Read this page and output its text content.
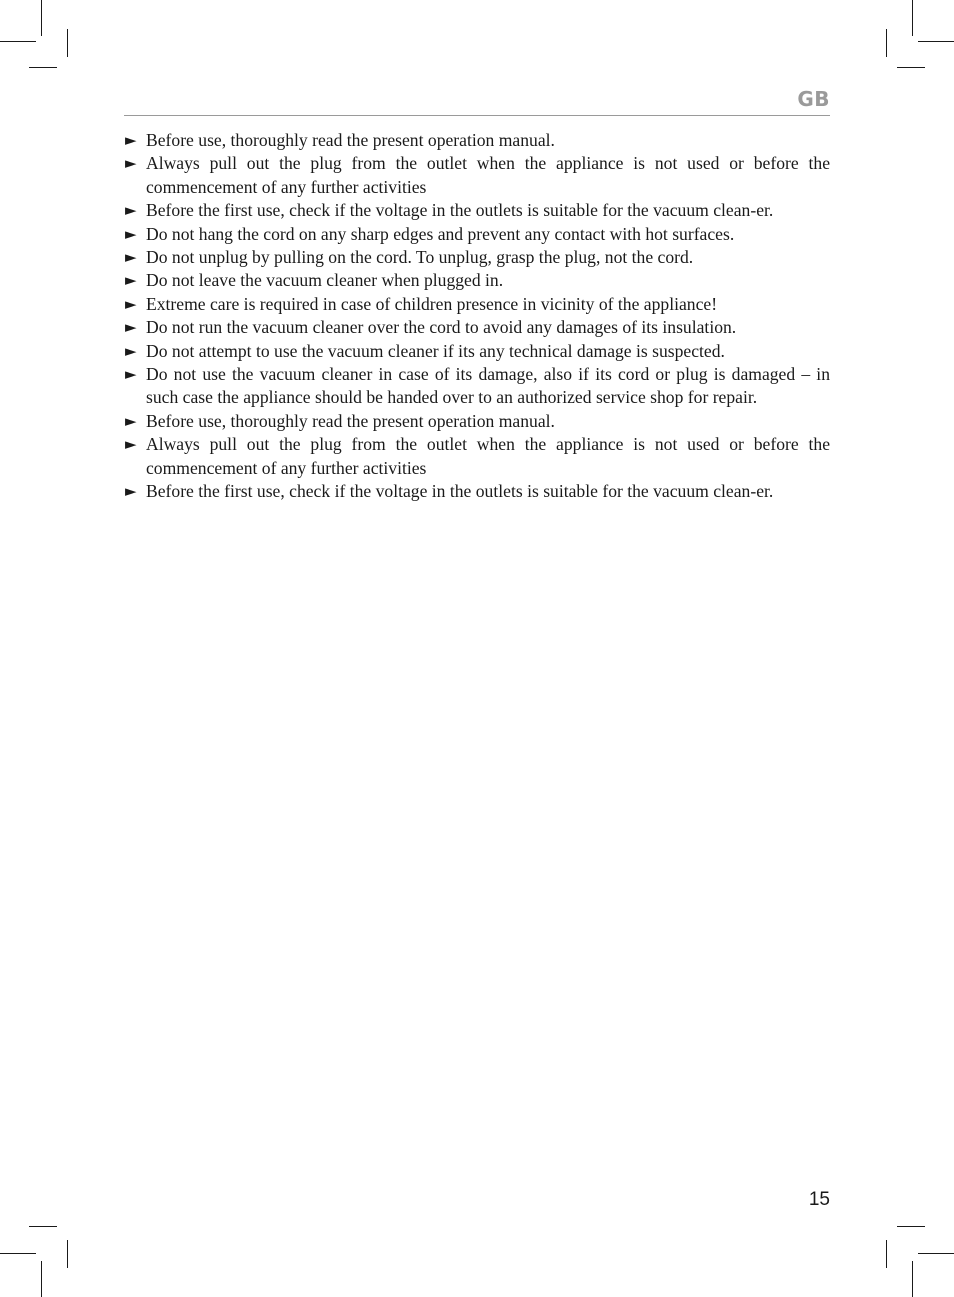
GB
► Before use, thoroughly read the present operation manual.
► Always pull out the plug from the outlet when the appliance is not used or before the commencement of any further activities
► Before the first use, check if the voltage in the outlets is suitable for the vacuum clean-er.
► Do not hang the cord on any sharp edges and prevent any contact with hot surfaces.
► Do not unplug by pulling on the cord. To unplug, grasp the plug, not the cord.
► Do not leave the vacuum cleaner when plugged in.
► Extreme care is required in case of children presence in vicinity of the appliance!
► Do not run the vacuum cleaner over the cord to avoid any damages of its insulation.
► Do not attempt to use the vacuum cleaner if its any technical damage is suspected.
► Do not use the vacuum cleaner in case of its damage, also if its cord or plug is damaged – in such case the appliance should be handed over to an authorized service shop for repair.
► Before use, thoroughly read the present operation manual.
► Always pull out the plug from the outlet when the appliance is not used or before the commencement of any further activities
► Before the first use, check if the voltage in the outlets is suitable for the vacuum clean-er.
15
